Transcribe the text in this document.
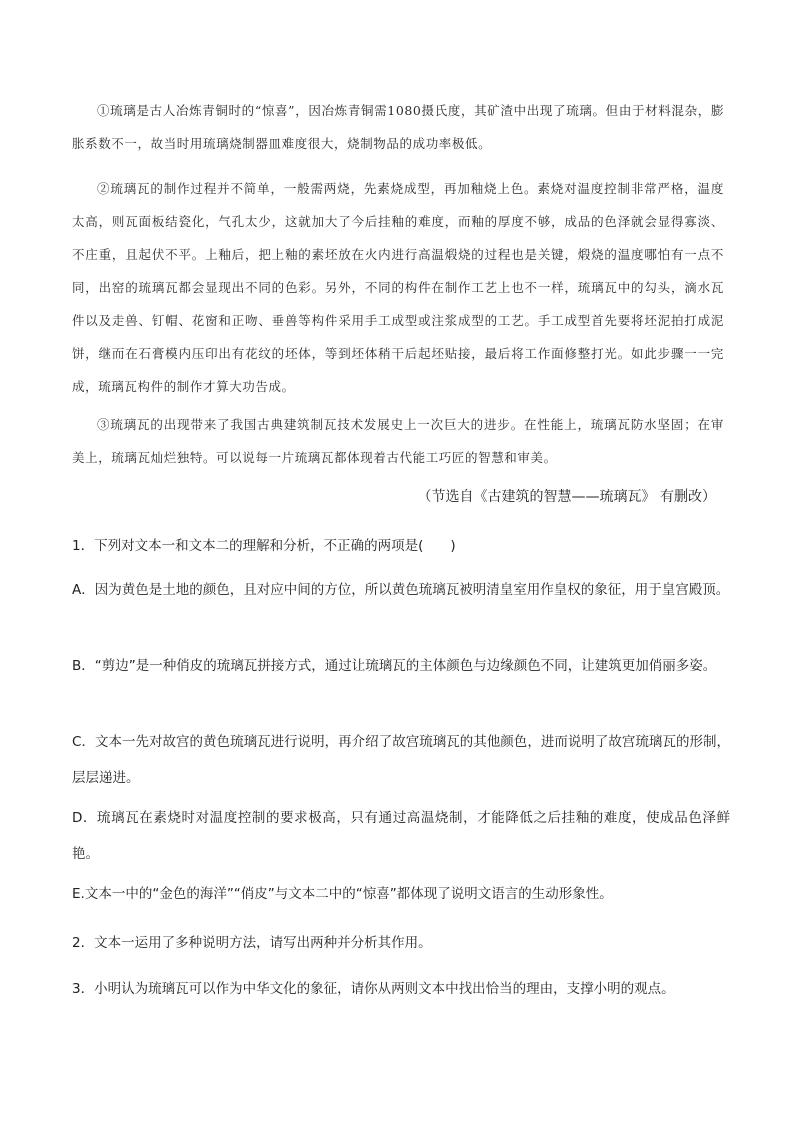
①琉璃是古人冶炼青铜时的“惊喜”，因冶炼青铜需1080摄氏度，其矿渣中出现了琉璃。但由于材料混杂，膨胀系数不一，故当时用琉璃烧制器皿难度很大，烧制物品的成功率极低。
②琉璃瓦的制作过程并不简单，一般需两烧，先素烧成型，再加釉烧上色。素烧对温度控制非常严格，温度太高，则瓦面板结瓷化，气孔太少，这就加大了今后挂釉的难度，而釉的厚度不够，成品的色泽就会显得寡淡、不庄重，且起伏不平。上釉后，把上釉的素坯放在火内进行高温煅烧的过程也是关键，煅烧的温度哪怕有一点不同，出窑的琉璃瓦都会显现出不同的色彩。另外，不同的构件在制作工艺上也不一样，琉璃瓦中的勾头，滴水瓦件以及走兽、钉帽、花窗和正吻、垂兽等构件采用手工成型或注浆成型的工艺。手工成型首先要将坯泥拍打成泥饼，继而在石膏模内压印出有花纹的坯体，等到坯体稍干后起坯贴接，最后将工作面修整打光。如此步骤一一完成，琉璃瓦构件的制作才算大功告成。
③琉璃瓦的出现带来了我国古典建筑制瓦技术发展史上一次巨大的进步。在性能上，琉璃瓦防水坚固；在审美上，琉璃瓦灿烂独特。可以说每一片琉璃瓦都体现着古代能工巧匠的智慧和审美。
（节选自《古建筑的智慧——琉璃瓦》 有删改）
1．下列对文本一和文本二的理解和分析，不正确的两项是(　　)
A．因为黄色是土地的颜色，且对应中间的方位，所以黄色琉璃瓦被明清皇室用作皇权的象征，用于皇宫殿顶。
B．“剪边”是一种俏皮的琉璃瓦拼接方式，通过让琉璃瓦的主体颜色与边缘颜色不同，让建筑更加俏丽多姿。
C．文本一先对故宫的黄色琉璃瓦进行说明，再介绍了故宫琉璃瓦的其他颜色，进而说明了故宫琉璃瓦的形制，层层递进。
D．琉璃瓦在素烧时对温度控制的要求极高，只有通过高温烧制，才能降低之后挂釉的难度，使成品色泽鲜艳。
E.文本一中的“金色的海洋”“俏皮”与文本二中的“惊喜”都体现了说明文语言的生动形象性。
2．文本一运用了多种说明方法，请写出两种并分析其作用。
3．小明认为琉璃瓦可以作为中华文化的象征，请你从两则文本中找出恰当的理由，支撑小明的观点。
